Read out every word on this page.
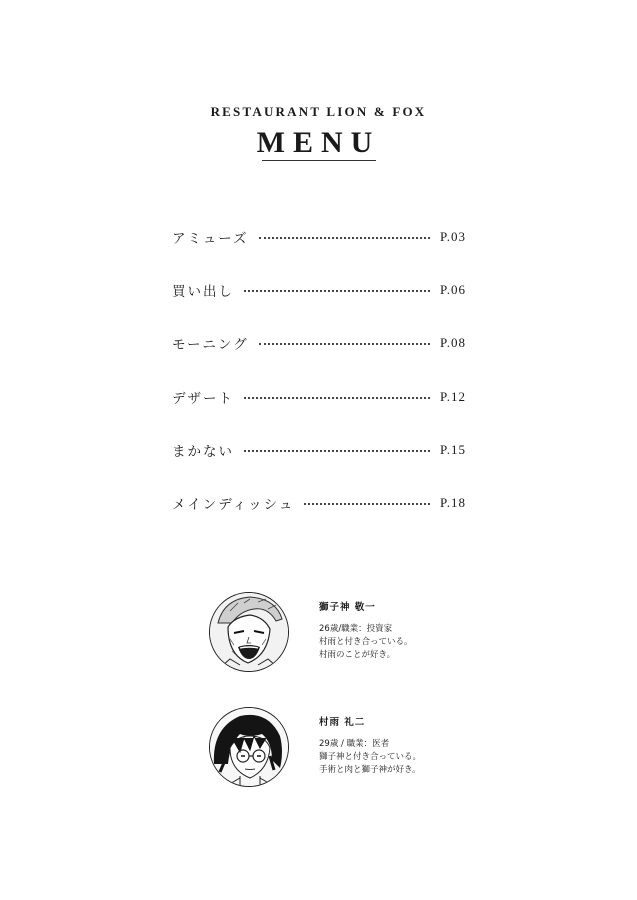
RESTAURANT LION & FOX
MENU
アミューズ	P.03
買い出し	P.06
モーニング	P.08
デザート	P.12
まかない	P.15
メインディッシュ	P.18
獅子神 敬一
26歳/職業：投資家
村雨と付き合っている。
村雨のことが好き。
村雨 礼二
29歳 / 職業：医者
獅子神と付き合っている。
手術と肉と獅子神が好き。
